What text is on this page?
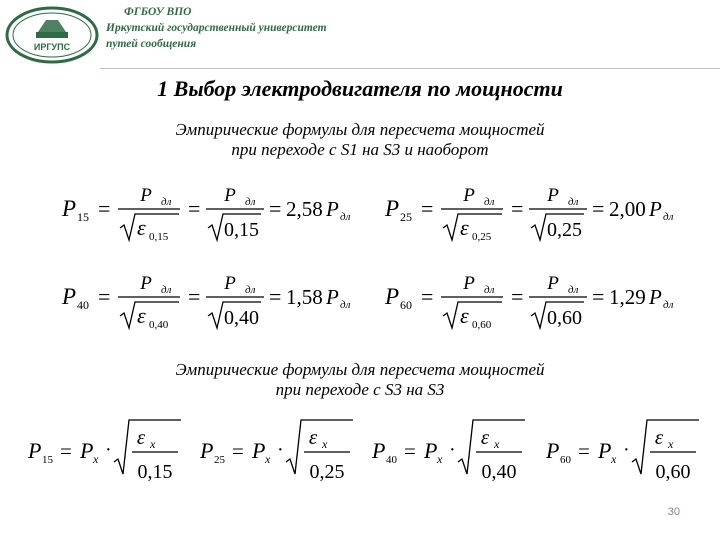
ИРГУПС
ФГБОУ ВПО
Иркутский государственный университет
путей сообщения
1 Выбор электродвигателя по мощности
Эмпирические формулы для пересчета мощностей
при переходе с S1 на S3 и наоборот
P 15 =
P дл
ε 0,15
=
P дл
0,15
= 2,58 P дл P 25 =
P дл
ε 0,25
=
P дл
0,25
= 2,00 P дл
P 40 =
P дл
ε 0,40
=
P дл
0,40
= 1,58 P дл P 60 =
P дл
ε 0,60
=
P дл
0,60
= 1,29 P дл
Эмпирические формулы для пересчета мощностей
при переходе с S3 на S3
P 15 = P x ·
ε x
0,15
P 25 = P x ·
ε x
0,25
P 40 = P x ·
ε x
0,40
P 60 = P x ·
ε x
0,60
30
